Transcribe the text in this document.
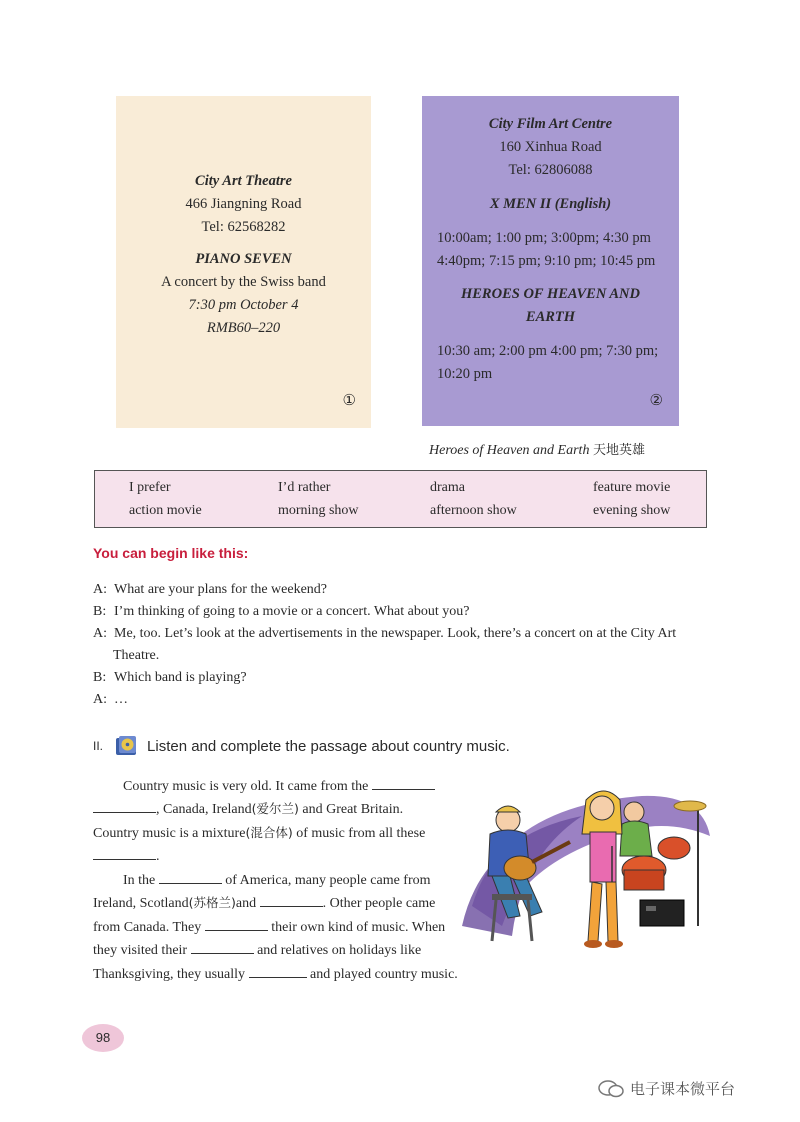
City Art Theatre
466 Jiangning Road
Tel: 62568282
PIANO SEVEN
A concert by the Swiss band
7:30 pm October 4
RMB60–220
①
City Film Art Centre
160 Xinhua Road
Tel: 62806088
X MEN II (English)
10:00am; 1:00 pm; 3:00pm; 4:30 pm
4:40pm; 7:15 pm; 9:10 pm; 10:45 pm
HEROES OF HEAVEN AND
EARTH
10:30 am; 2:00 pm 4:00 pm; 7:30 pm;
10:20 pm
②
Heroes of Heaven and Earth 天地英雄
I prefer	I’d rather	drama	feature movie
action movie	morning show	afternoon show	evening show
You can begin like this:
A: What are your plans for the weekend?
B: I’m thinking of going to a movie or a concert. What about you?
A: Me, too. Let’s look at the advertisements in the newspaper. Look, there’s a concert on at the City Art
Theatre.
B: Which band is playing?
A: …
II.	Listen and complete the passage about country music.
Country music is very old. It came from the
, Canada, Ireland(爱尔兰) and Great Britain.
Country music is a mixture(混合体) of music from all these
.
In the	of America, many people came from
Ireland, Scotland(苏格兰)and	. Other people came
from Canada. They	their own kind of music. When
they visited their	and relatives on holidays like
Thanksgiving, they usually	and played country music.
98
电子课本微平台
